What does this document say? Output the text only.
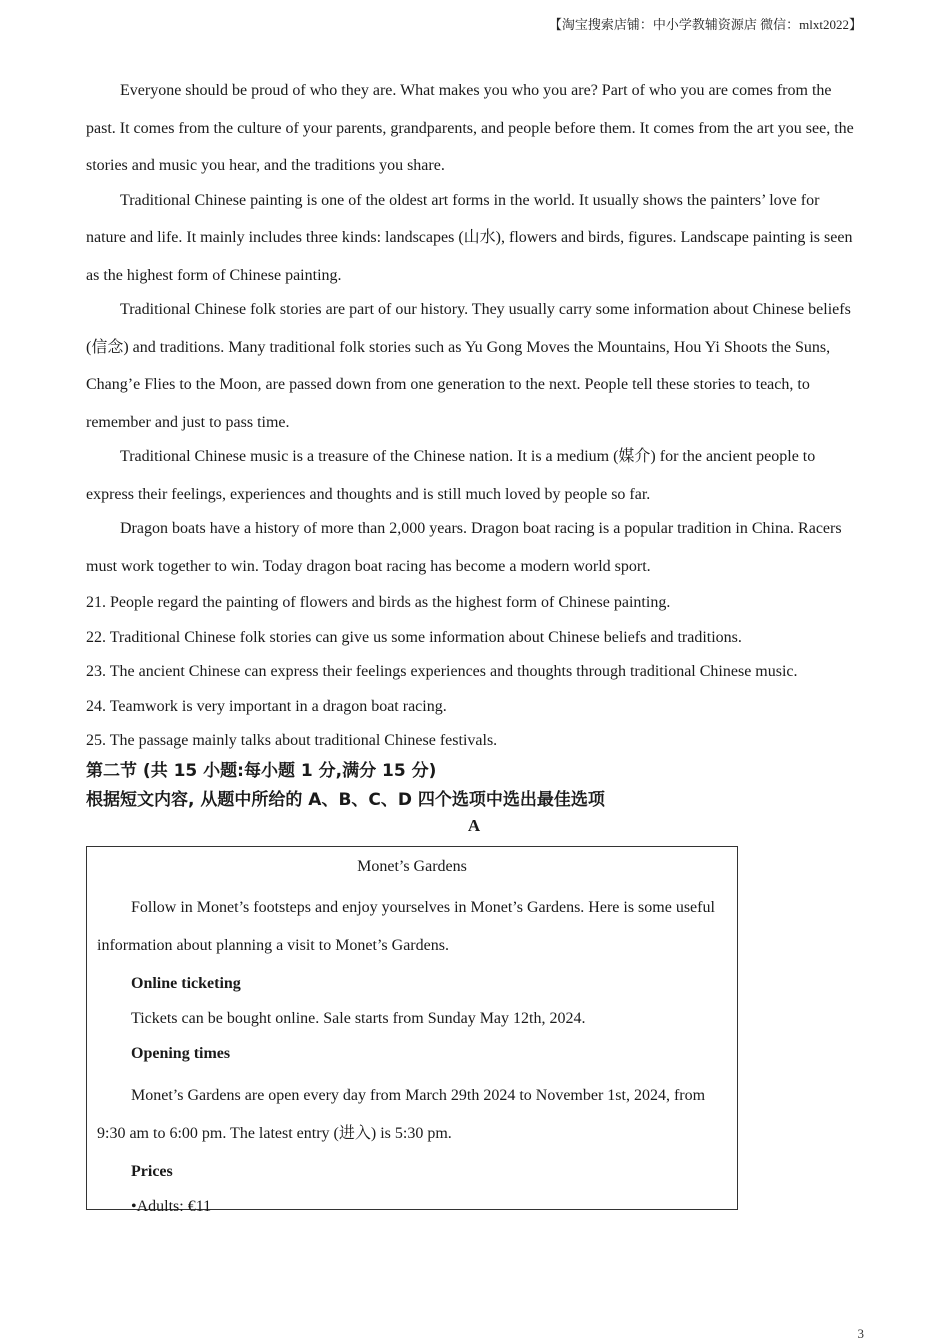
【淘宝搜索店铺：中小学教辅资源店 微信：mlxt2022】

Everyone should be proud of who they are. What makes you who you are? Part of who you are comes from the past. It comes from the culture of your parents, grandparents, and people before them. It comes from the art you see, the stories and music you hear, and the traditions you share.

Traditional Chinese painting is one of the oldest art forms in the world. It usually shows the painters’ love for nature and life. It mainly includes three kinds: landscapes (山水), flowers and birds, figures. Landscape painting is seen as the highest form of Chinese painting.

Traditional Chinese folk stories are part of our history. They usually carry some information about Chinese beliefs (信念) and traditions. Many traditional folk stories such as Yu Gong Moves the Mountains, Hou Yi Shoots the Suns, Chang’e Flies to the Moon, are passed down from one generation to the next. People tell these stories to teach, to remember and just to pass time.

Traditional Chinese music is a treasure of the Chinese nation. It is a medium (媒介) for the ancient people to express their feelings, experiences and thoughts and is still much loved by people so far.

Dragon boats have a history of more than 2,000 years. Dragon boat racing is a popular tradition in China. Racers must work together to win. Today dragon boat racing has become a modern world sport.

21. People regard the painting of flowers and birds as the highest form of Chinese painting.

22. Traditional Chinese folk stories can give us some information about Chinese beliefs and traditions.

23. The ancient Chinese can express their feelings experiences and thoughts through traditional Chinese music.

24. Teamwork is very important in a dragon boat racing.

25. The passage mainly talks about traditional Chinese festivals.

第二节 (共 15 小题:每小题 1 分,满分 15 分)

根据短文内容, 从题中所给的 A、B、C、D 四个选项中选出最佳选项

A

Monet’s Gardens

Follow in Monet’s footsteps and enjoy yourselves in Monet’s Gardens. Here is some useful information about planning a visit to Monet’s Gardens.

Online ticketing

Tickets can be bought online. Sale starts from Sunday May 12th, 2024.

Opening times

Monet’s Gardens are open every day from March 29th 2024 to November 1st, 2024, from 9:30 am to 6:00 pm. The latest entry (进入) is 5:30 pm.

Prices

•Adults: €11

3
